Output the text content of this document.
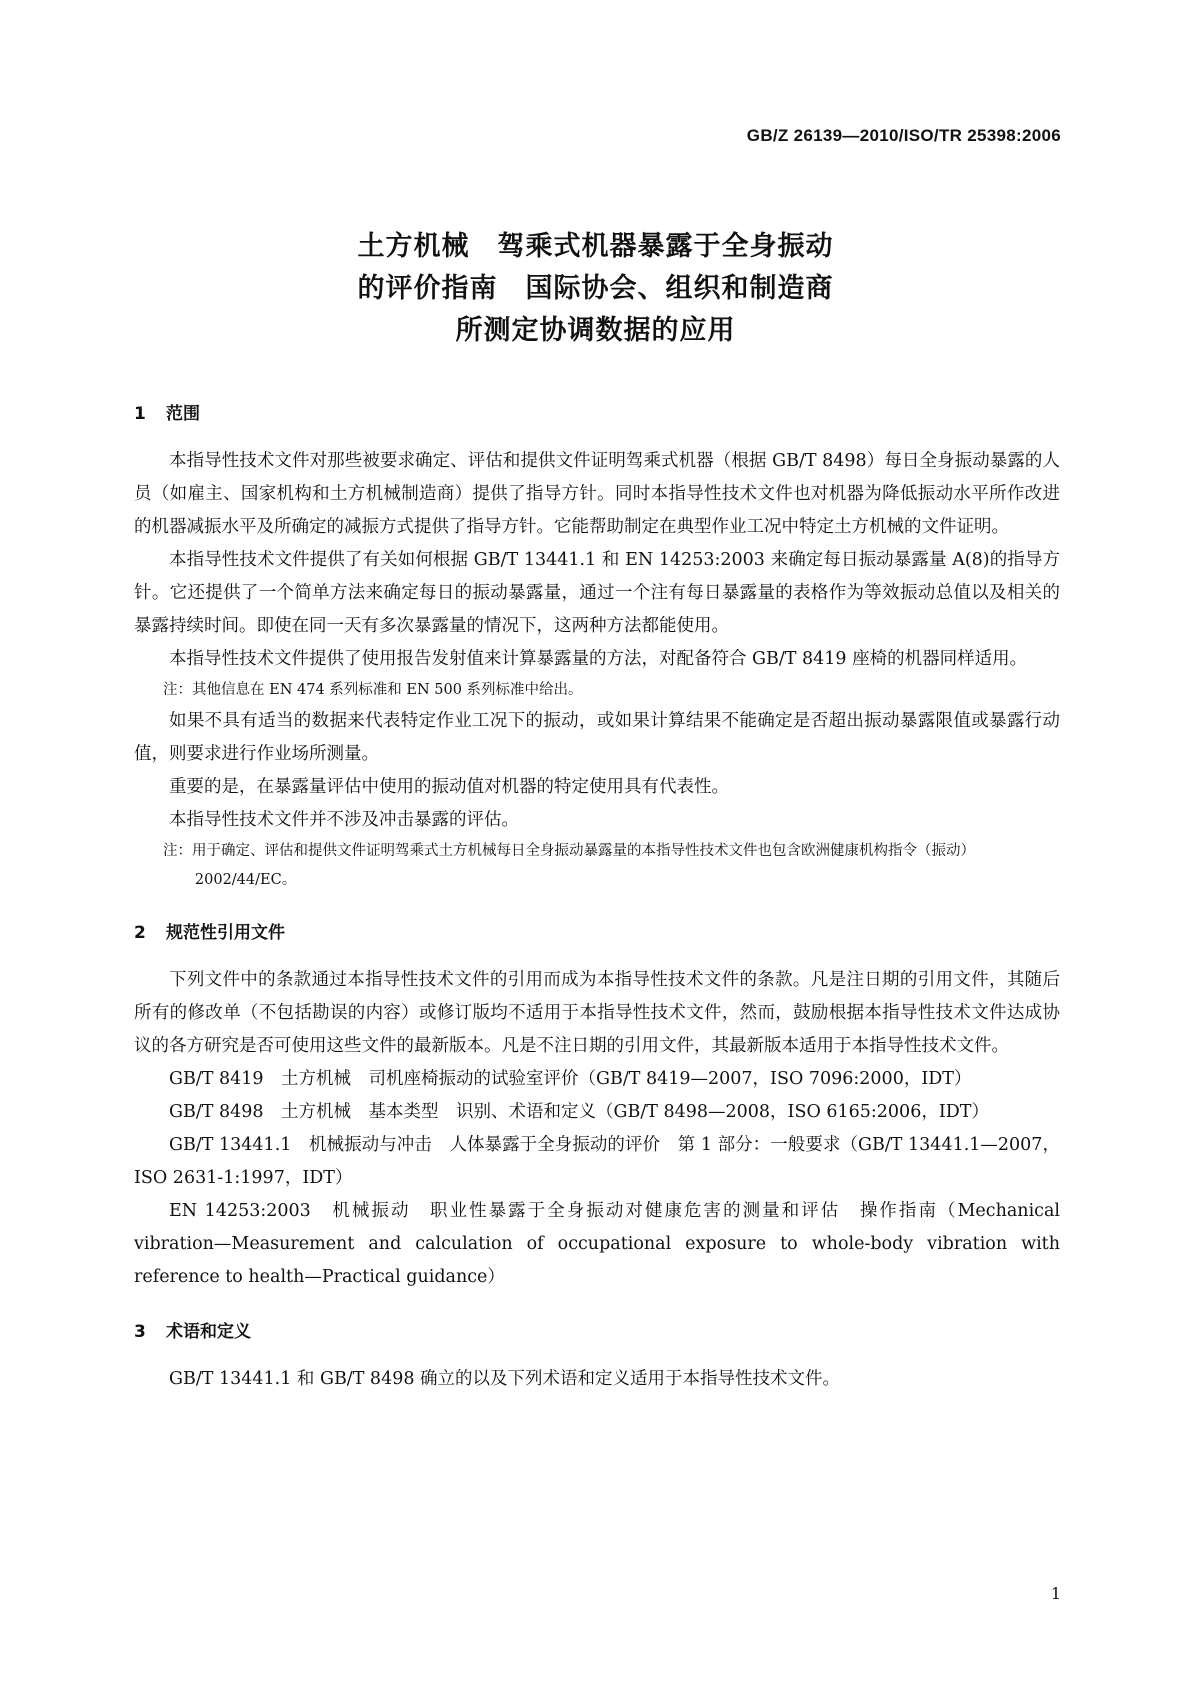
GB/Z 26139—2010/ISO/TR 25398:2006
土方机械　驾乘式机器暴露于全身振动
的评价指南　国际协会、组织和制造商
所测定协调数据的应用

1 范围

本指导性技术文件对那些被要求确定、评估和提供文件证明驾乘式机器（根据 GB/T 8498）每日全身振动暴露的人员（如雇主、国家机构和土方机械制造商）提供了指导方针。同时本指导性技术文件也对机器为降低振动水平所作改进的机器减振水平及所确定的减振方式提供了指导方针。它能帮助制定在典型作业工况中特定土方机械的文件证明。

本指导性技术文件提供了有关如何根据 GB/T 13441.1 和 EN 14253:2003 来确定每日振动暴露量 A(8)的指导方针。它还提供了一个简单方法来确定每日的振动暴露量，通过一个注有每日暴露量的表格作为等效振动总值以及相关的暴露持续时间。即使在同一天有多次暴露量的情况下，这两种方法都能使用。

本指导性技术文件提供了使用报告发射值来计算暴露量的方法，对配备符合 GB/T 8419 座椅的机器同样适用。

注：其他信息在 EN 474 系列标准和 EN 500 系列标准中给出。

如果不具有适当的数据来代表特定作业工况下的振动，或如果计算结果不能确定是否超出振动暴露限值或暴露行动值，则要求进行作业场所测量。

重要的是，在暴露量评估中使用的振动值对机器的特定使用具有代表性。

本指导性技术文件并不涉及冲击暴露的评估。

注：用于确定、评估和提供文件证明驾乘式土方机械每日全身振动暴露量的本指导性技术文件也包含欧洲健康机构指令（振动）2002/44/EC。

2 规范性引用文件

下列文件中的条款通过本指导性技术文件的引用而成为本指导性技术文件的条款。凡是注日期的引用文件，其随后所有的修改单（不包括勘误的内容）或修订版均不适用于本指导性技术文件，然而，鼓励根据本指导性技术文件达成协议的各方研究是否可使用这些文件的最新版本。凡是不注日期的引用文件，其最新版本适用于本指导性技术文件。

GB/T 8419　土方机械　司机座椅振动的试验室评价（GB/T 8419—2007，ISO 7096:2000，IDT）

GB/T 8498　土方机械　基本类型　识别、术语和定义（GB/T 8498—2008，ISO 6165:2006，IDT）

GB/T 13441.1　机械振动与冲击　人体暴露于全身振动的评价　第 1 部分：一般要求（GB/T 13441.1—2007，ISO 2631-1:1997，IDT）

EN 14253:2003　机械振动　职业性暴露于全身振动对健康危害的测量和评估　操作指南（Mechanical vibration—Measurement and calculation of occupational exposure to whole-body vibration with reference to health—Practical guidance）

3 术语和定义

GB/T 13441.1 和 GB/T 8498 确立的以及下列术语和定义适用于本指导性技术文件。

1
